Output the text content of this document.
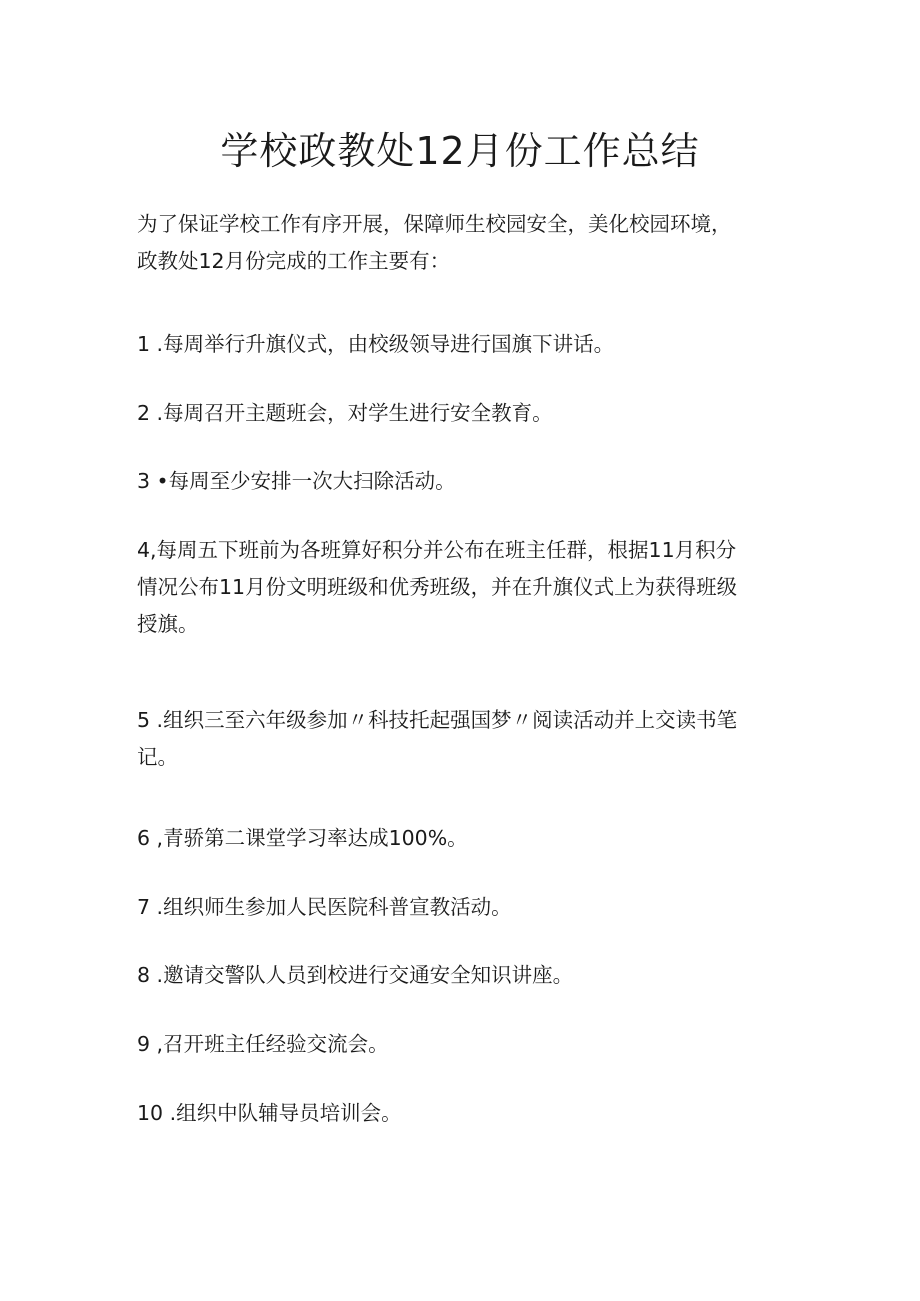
学校政教处12月份工作总结

为了保证学校工作有序开展，保障师生校园安全，美化校园环境，
政教处12月份完成的工作主要有：

1 .每周举行升旗仪式，由校级领导进行国旗下讲话。

2 .每周召开主题班会，对学生进行安全教育。

3 •每周至少安排一次大扫除活动。

4,每周五下班前为各班算好积分并公布在班主任群，根据11月积分
情况公布11月份文明班级和优秀班级，并在升旗仪式上为获得班级
授旗。

5 .组织三至六年级参加〃科技托起强国梦〃阅读活动并上交读书笔
记。

6 ,青骄第二课堂学习率达成100%。

7 .组织师生参加人民医院科普宣教活动。

8 .邀请交警队人员到校进行交通安全知识讲座。

9 ,召开班主任经验交流会。

10 .组织中队辅导员培训会。
